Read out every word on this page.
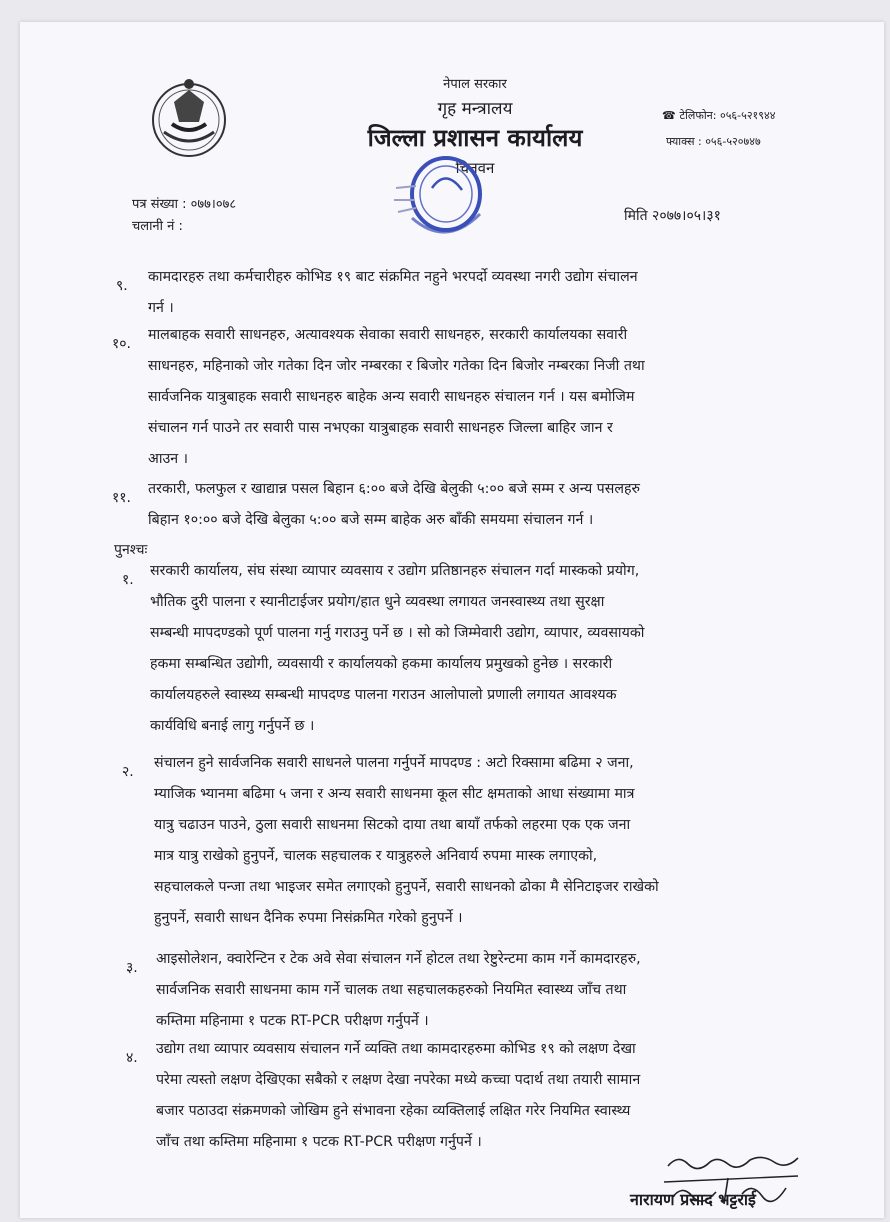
नेपाल सरकार
गृह मन्त्रालय
जिल्ला प्रशासन कार्यालय
चितवन
☎ टेलिफोन: ०५६-५२१९४४
फ्याक्स : ०५६-५२०७४७
पत्र संख्या : ०७७।०७८
चलानी नं :
मिति २०७७।०५।३१
९.
कामदारहरु तथा कर्मचारीहरु कोभिड १९ बाट संक्रमित नहुने भरपर्दो व्यवस्था नगरी उद्योग संचालन
गर्न ।
१०.
मालबाहक सवारी साधनहरु, अत्यावश्यक सेवाका सवारी साधनहरु, सरकारी कार्यालयका सवारी
साधनहरु, महिनाको जोर गतेका दिन जोर नम्बरका र बिजोर गतेका दिन बिजोर नम्बरका निजी तथा
सार्वजनिक यात्रुबाहक सवारी साधनहरु बाहेक अन्य सवारी साधनहरु संचालन गर्न । यस बमोजिम
संचालन गर्न पाउने तर सवारी पास नभएका यात्रुबाहक सवारी साधनहरु जिल्ला बाहिर जान र
आउन ।
११.
तरकारी, फलफुल र खाद्यान्न पसल बिहान ६:०० बजे देखि बेलुकी ५:०० बजे सम्म र अन्य पसलहरु
बिहान १०:०० बजे देखि बेलुका ५:०० बजे सम्म बाहेक अरु बाँकी समयमा संचालन गर्न ।
पुनश्चः
१.
सरकारी कार्यालय, संघ संस्था व्यापार व्यवसाय र उद्योग प्रतिष्ठानहरु संचालन गर्दा मास्कको प्रयोग,
भौतिक दुरी पालना र स्यानीटाईजर प्रयोग/हात धुने व्यवस्था लगायत जनस्वास्थ्य तथा सुरक्षा
सम्बन्धी मापदण्डको पूर्ण पालना गर्नु गराउनु पर्ने छ । सो को जिम्मेवारी उद्योग, व्यापार, व्यवसायको
हकमा सम्बन्धित उद्योगी, व्यवसायी र कार्यालयको हकमा कार्यालय प्रमुखको हुनेछ । सरकारी
कार्यालयहरुले स्वास्थ्य सम्बन्धी मापदण्ड पालना गराउन आलोपालो प्रणाली लगायत आवश्यक
कार्यविधि बनाई लागु गर्नुपर्ने छ ।
२.
संचालन हुने सार्वजनिक सवारी साधनले पालना गर्नुपर्ने मापदण्ड : अटो रिक्सामा बढिमा २ जना,
म्याजिक भ्यानमा बढिमा ५ जना र अन्य सवारी साधनमा कूल सीट क्षमताको आधा संख्यामा मात्र
यात्रु चढाउन पाउने, ठुला सवारी साधनमा सिटको दाया तथा बायाँ तर्फको लहरमा एक एक जना
मात्र यात्रु राखेको हुनुपर्ने, चालक सहचालक र यात्रुहरुले अनिवार्य रुपमा मास्क लगाएको,
सहचालकले पन्जा तथा भाइजर समेत लगाएको हुनुपर्ने, सवारी साधनको ढोका मै सेनिटाइजर राखेको
हुनुपर्ने, सवारी साधन दैनिक रुपमा निसंक्रमित गरेको हुनुपर्ने ।
३.
आइसोलेशन, क्वारेन्टिन र टेक अवे सेवा संचालन गर्ने होटल तथा रेष्टुरेन्टमा काम गर्ने कामदारहरु,
सार्वजनिक सवारी साधनमा काम गर्ने चालक तथा सहचालकहरुको नियमित स्वास्थ्य जाँच तथा
कम्तिमा महिनामा १ पटक RT-PCR परीक्षण गर्नुपर्ने ।
४.
उद्योग तथा व्यापार व्यवसाय संचालन गर्ने व्यक्ति तथा कामदारहरुमा कोभिड १९ को लक्षण देखा
परेमा त्यस्तो लक्षण देखिएका सबैको र लक्षण देखा नपरेका मध्ये कच्चा पदार्थ तथा तयारी सामान
बजार पठाउदा संक्रमणको जोखिम हुने संभावना रहेका व्यक्तिलाई लक्षित गरेर नियमित स्वास्थ्य
जाँच तथा कम्तिमा महिनामा १ पटक RT-PCR परीक्षण गर्नुपर्ने ।
नारायण प्रसाद भट्टराई
